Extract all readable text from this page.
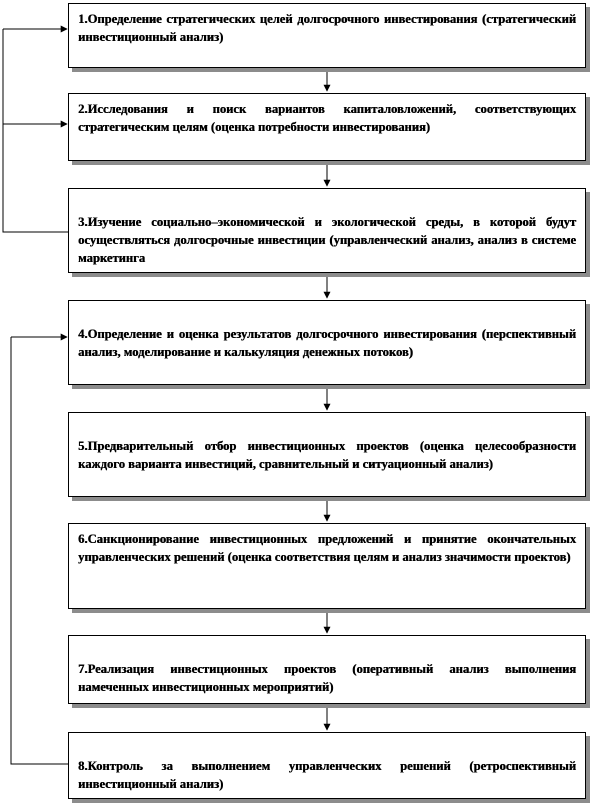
1.Определение стратегических целей долгосрочного инвестирования (стратегический инвестиционный анализ)
2.Исследования и поиск вариантов капиталовложений, соответствующих стратегическим целям (оценка потребности инвестирования)
3.Изучение социально–экономической и экологической среды, в которой будут осуществляться долгосрочные инвестиции (управленческий анализ, анализ в системе маркетинга
4.Определение и оценка результатов долгосрочного инвестирования (перспективный анализ, моделирование и калькуляция денежных потоков)
5.Предварительный отбор инвестиционных проектов (оценка целесообразности каждого варианта инвестиций, сравнительный и ситуационный анализ)
6.Санкционирование инвестиционных предложений и принятие окончательных управленческих решений (оценка соответствия целям и анализ значимости проектов)
7.Реализация инвестиционных проектов (оперативный анализ выполнения намеченных инвестиционных мероприятий)
8.Контроль за выполнением управленческих решений (ретроспективный инвестиционный анализ)
